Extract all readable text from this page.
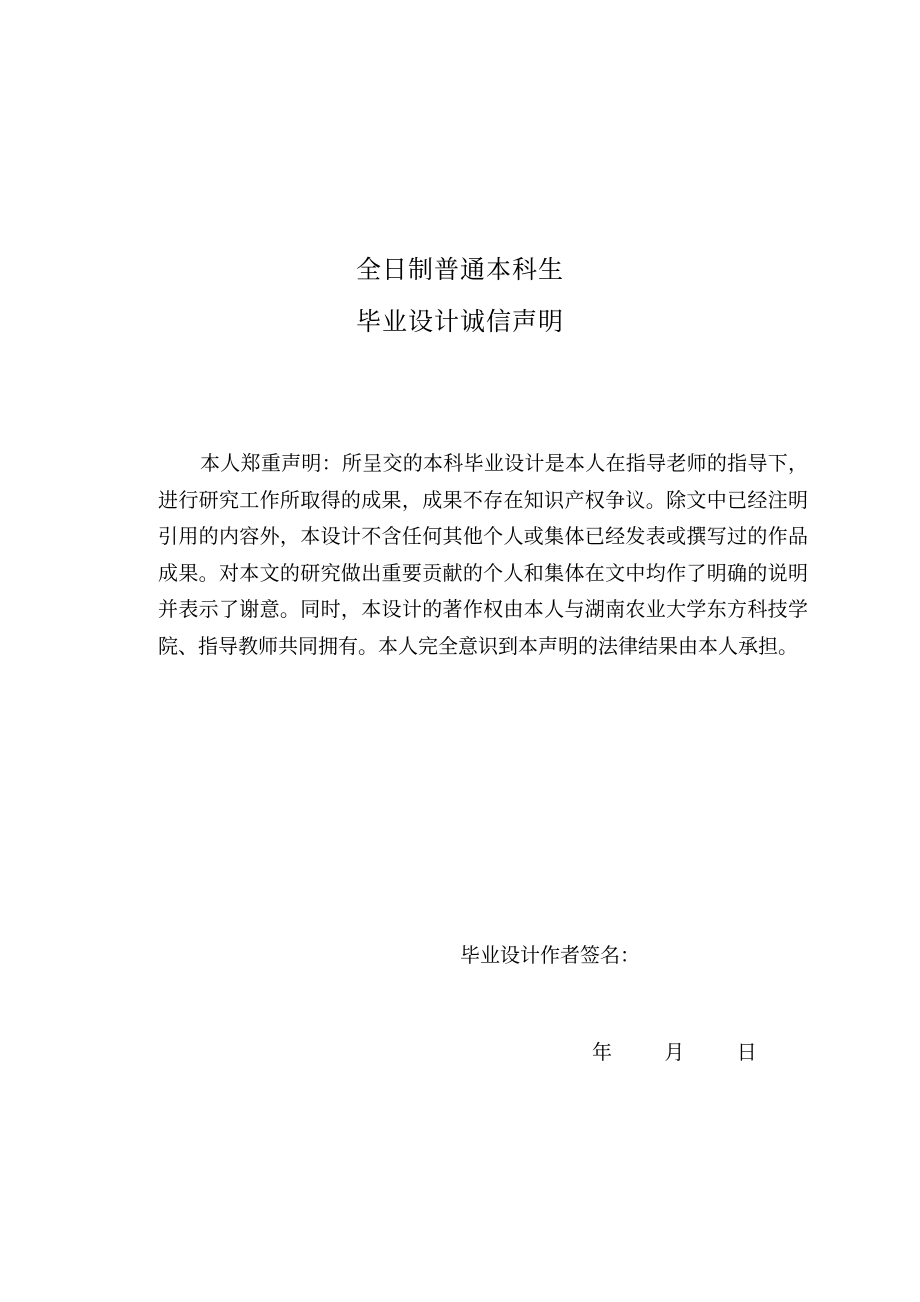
全日制普通本科生
毕业设计诚信声明

本人郑重声明：所呈交的本科毕业设计是本人在指导老师的指导下，进行研究工作所取得的成果，成果不存在知识产权争议。除文中已经注明引用的内容外，本设计不含任何其他个人或集体已经发表或撰写过的作品成果。对本文的研究做出重要贡献的个人和集体在文中均作了明确的说明并表示了谢意。同时，本设计的著作权由本人与湖南农业大学东方科技学院、指导教师共同拥有。本人完全意识到本声明的法律结果由本人承担。

毕业设计作者签名：
年	月	日
